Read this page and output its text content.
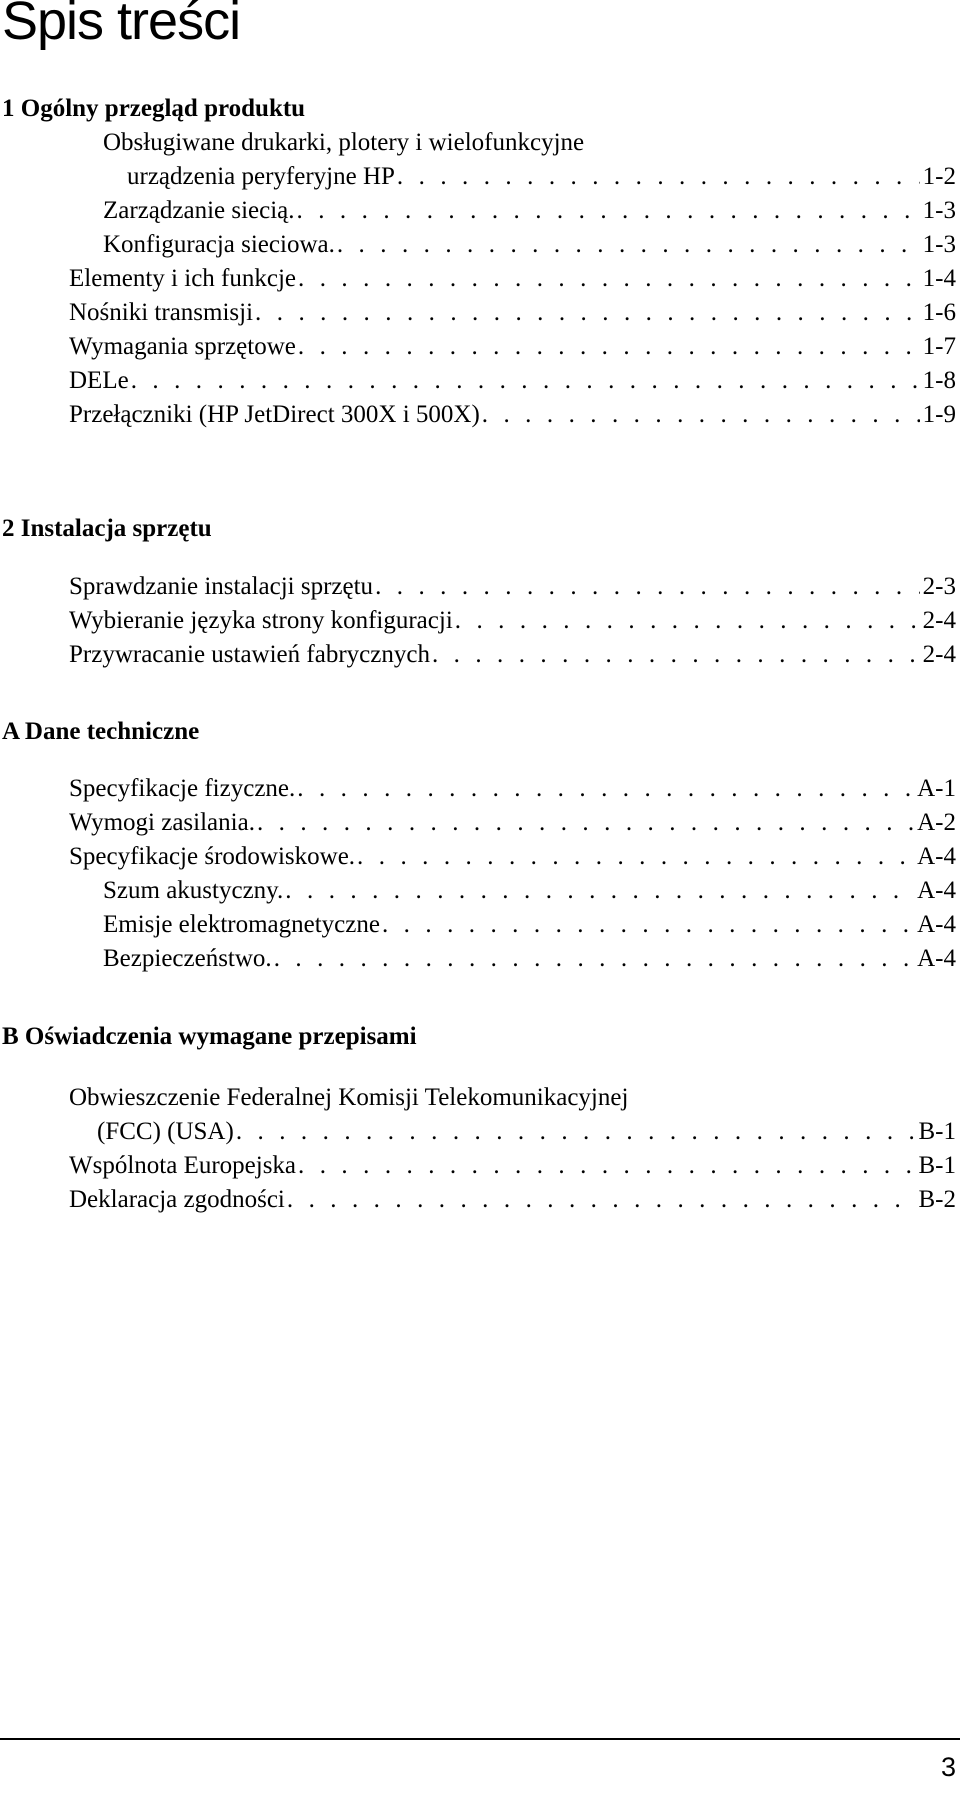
Spis treści
1 Ogólny przegląd produktu
Obsługiwane drukarki, plotery i wielofunkcyjne
urządzenia peryferyjne HP . . .	1-2
Zarządzanie siecią. . . .	1-3
Konfiguracja sieciowa. . . .	1-3
Elementy i ich funkcje . . .	1-4
Nośniki transmisji . . .	1-6
Wymagania sprzętowe . . .	1-7
DELe . . .	1-8
Przełączniki (HP JetDirect 300X i 500X) . . .	1-9
2 Instalacja sprzętu
Sprawdzanie instalacji sprzętu . . .	2-3
Wybieranie języka strony konfiguracji . . .	2-4
Przywracanie ustawień fabrycznych . . .	2-4
A Dane techniczne
Specyfikacje fizyczne. . . .	A-1
Wymogi zasilania. . . .	A-2
Specyfikacje środowiskowe. . . .	A-4
Szum akustyczny. . . .	A-4
Emisje elektromagnetyczne . . .	A-4
Bezpieczeństwo. . . .	A-4
B Oświadczenia wymagane przepisami
Obwieszczenie Federalnej Komisji Telekomunikacyjnej
(FCC) (USA) . . .	B-1
Wspólnota Europejska . . .	B-1
Deklaracja zgodności . . .	B-2
3
